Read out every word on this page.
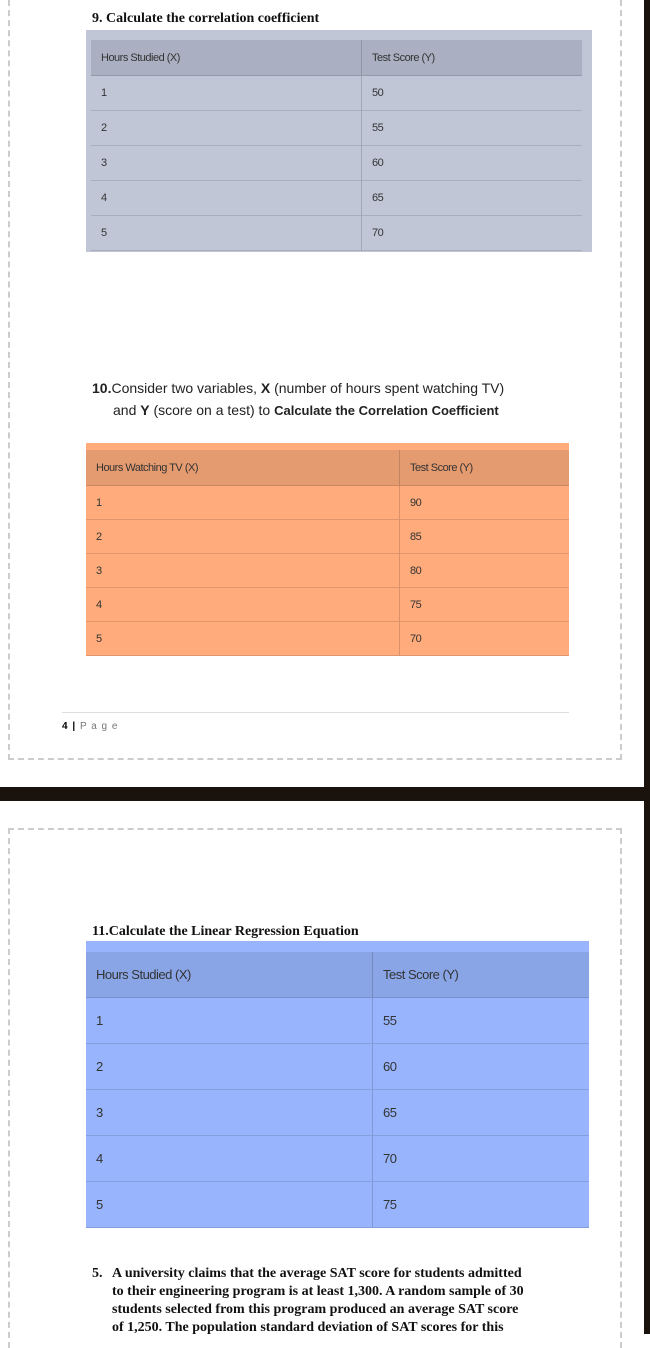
9. Calculate the correlation coefficient
Hours Studied (X)	Test Score (Y)
1	50
2	55
3	60
4	65
5	70
10.Consider two variables, X (number of hours spent watching TV)
and Y (score on a test) to Calculate the Correlation Coefficient
Hours Watching TV (X)	Test Score (Y)
1	90
2	85
3	80
4	75
5	70
4 | P a g e
11.Calculate the Linear Regression Equation
Hours Studied (X)	Test Score (Y)
1	55
2	60
3	65
4	70
5	75
5. A university claims that the average SAT score for students admitted
to their engineering program is at least 1,300. A random sample of 30
students selected from this program produced an average SAT score
of 1,250. The population standard deviation of SAT scores for this
